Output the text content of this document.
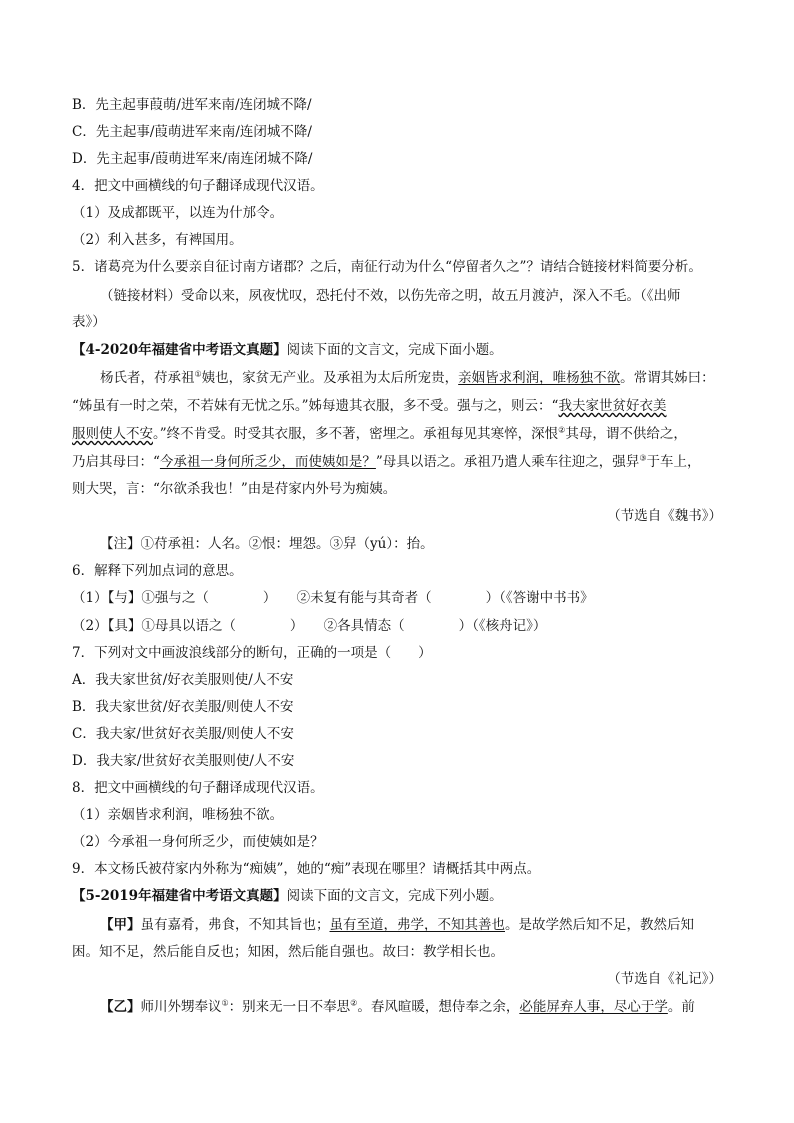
B．先主起事葭萌/进军来南/连闭城不降/
C．先主起事/葭萌进军来南/连闭城不降/
D．先主起事/葭萌进军来/南连闭城不降/
4．把文中画横线的句子翻译成现代汉语。
（1）及成都既平，以连为什邡令。
（2）利入甚多，有裨国用。
5．诸葛亮为什么要亲自征讨南方诸郡？之后，南征行动为什么“停留者久之”？请结合链接材料简要分析。
（链接材料）受命以来，夙夜忧叹，恐托付不效，以伤先帝之明，故五月渡泸，深入不毛。（《出师
表》）
【4-2020年福建省中考语文真题】阅读下面的文言文，完成下面小题。
杨氏者，苻承祖①姨也，家贫无产业。及承祖为太后所宠贵，亲姻皆求利润，唯杨独不欲。常谓其姊曰：
“姊虽有一时之荣，不若妹有无忧之乐。”姊每遗其衣服，多不受。强与之，则云：“我夫家世贫好衣美
服则使人不安。”终不肯受。时受其衣服，多不著，密埋之。承祖每见其寒悴，深恨②其母，谓不供给之，
乃启其母曰：“今承祖一身何所乏少，而使姨如是？”母具以语之。承祖乃遣人乘车往迎之，强舁③于车上，
则大哭，言：“尔欲杀我也！”由是苻家内外号为痴姨。
（节选自《魏书》）
【注】①苻承祖：人名。②恨：埋怨。③舁（yú）：抬。
6．解释下列加点词的意思。
（1）【与】①强与之（　　　　）　　②未复有能与其奇者（　　　　）（《答谢中书书》
（2）【具】①母具以语之（　　　　）　　②各具情态（　　　　）（《核舟记》）
7．下列对文中画波浪线部分的断句，正确的一项是（　　）
A．我夫家世贫/好衣美服则使/人不安
B．我夫家世贫/好衣美服/则使人不安
C．我夫家/世贫好衣美服/则使人不安
D．我夫家/世贫好衣美服则使/人不安
8．把文中画横线的句子翻译成现代汉语。
（1）亲姻皆求利润，唯杨独不欲。
（2）今承祖一身何所乏少，而使姨如是？
9．本文杨氏被苻家内外称为“痴姨”，她的“痴”表现在哪里？请概括其中两点。
【5-2019年福建省中考语文真题】阅读下面的文言文，完成下列小题。
【甲】虽有嘉肴，弗食，不知其旨也；虽有至道，弗学，不知其善也。是故学然后知不足，教然后知
困。知不足，然后能自反也；知困，然后能自强也。故曰：教学相长也。
（节选自《礼记》）
【乙】师川外甥奉议①：别来无一日不奉思②。春风暄暖，想侍奉之余，必能屏弃人事，尽心于学。前
